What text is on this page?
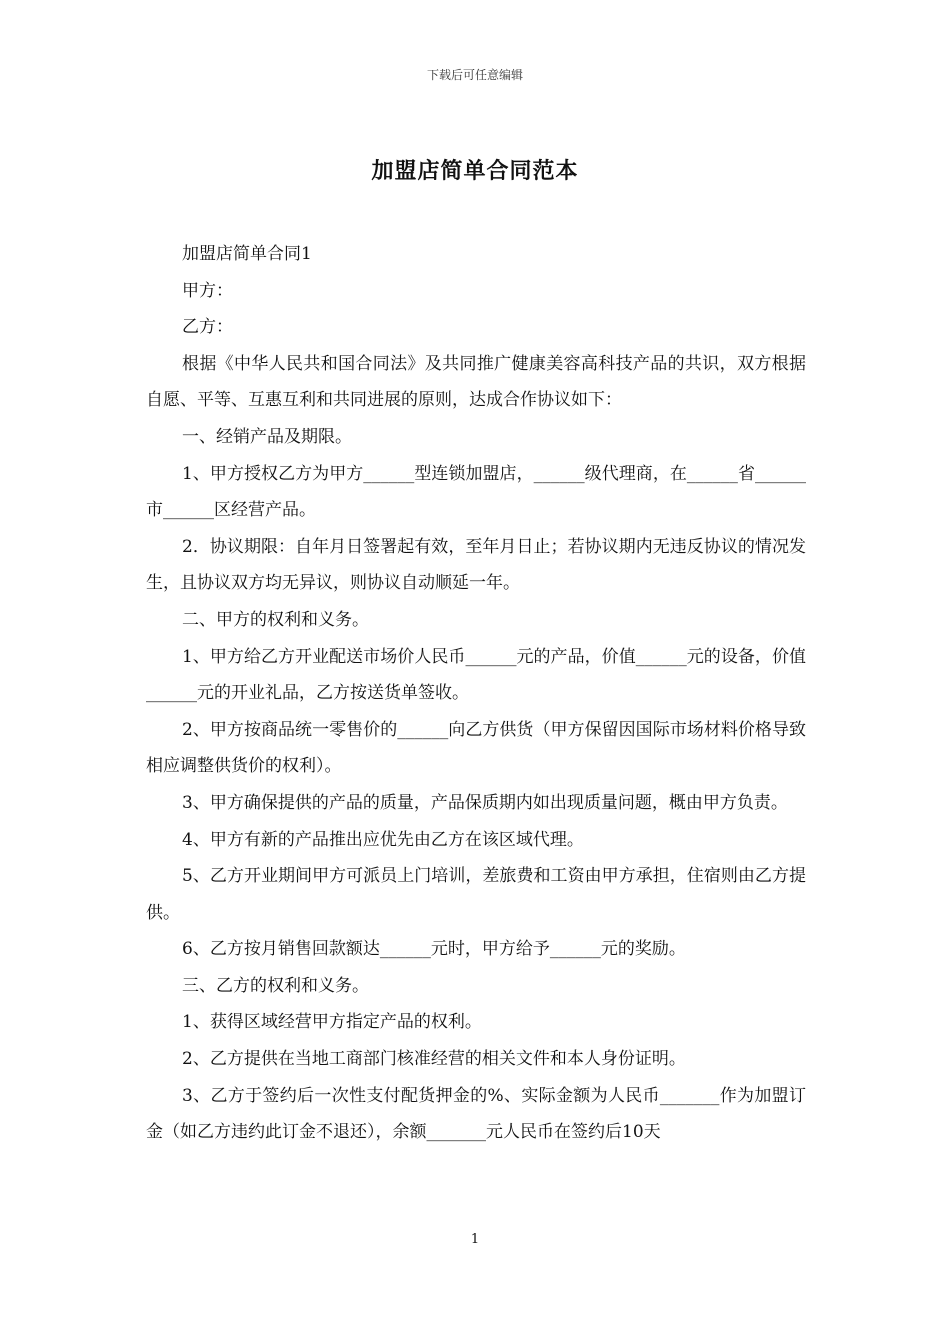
下载后可任意编辑
加盟店简单合同范本

加盟店简单合同1

甲方：

乙方：

根据《中华人民共和国合同法》及共同推广健康美容高科技产品的共识，双方根据自愿、平等、互惠互利和共同进展的原则，达成合作协议如下：

一、经销产品及期限。

1、甲方授权乙方为甲方______型连锁加盟店，______级代理商，在______省______市______区经营产品。

2．协议期限：自年月日签署起有效，至年月日止；若协议期内无违反协议的情况发生，且协议双方均无异议，则协议自动顺延一年。

二、甲方的权利和义务。

1、甲方给乙方开业配送市场价人民币______元的产品，价值______元的设备，价值______元的开业礼品，乙方按送货单签收。

2、甲方按商品统一零售价的______向乙方供货（甲方保留因国际市场材料价格导致相应调整供货价的权利）。

3、甲方确保提供的产品的质量，产品保质期内如出现质量问题，概由甲方负责。

4、甲方有新的产品推出应优先由乙方在该区域代理。

5、乙方开业期间甲方可派员上门培训，差旅费和工资由甲方承担，住宿则由乙方提供。

6、乙方按月销售回款额达______元时，甲方给予______元的奖励。

三、乙方的权利和义务。

1、获得区域经营甲方指定产品的权利。

2、乙方提供在当地工商部门核准经营的相关文件和本人身份证明。

3、乙方于签约后一次性支付配货押金的%、实际金额为人民币_______作为加盟订金（如乙方违约此订金不退还），余额_______元人民币在签约后10天

1
